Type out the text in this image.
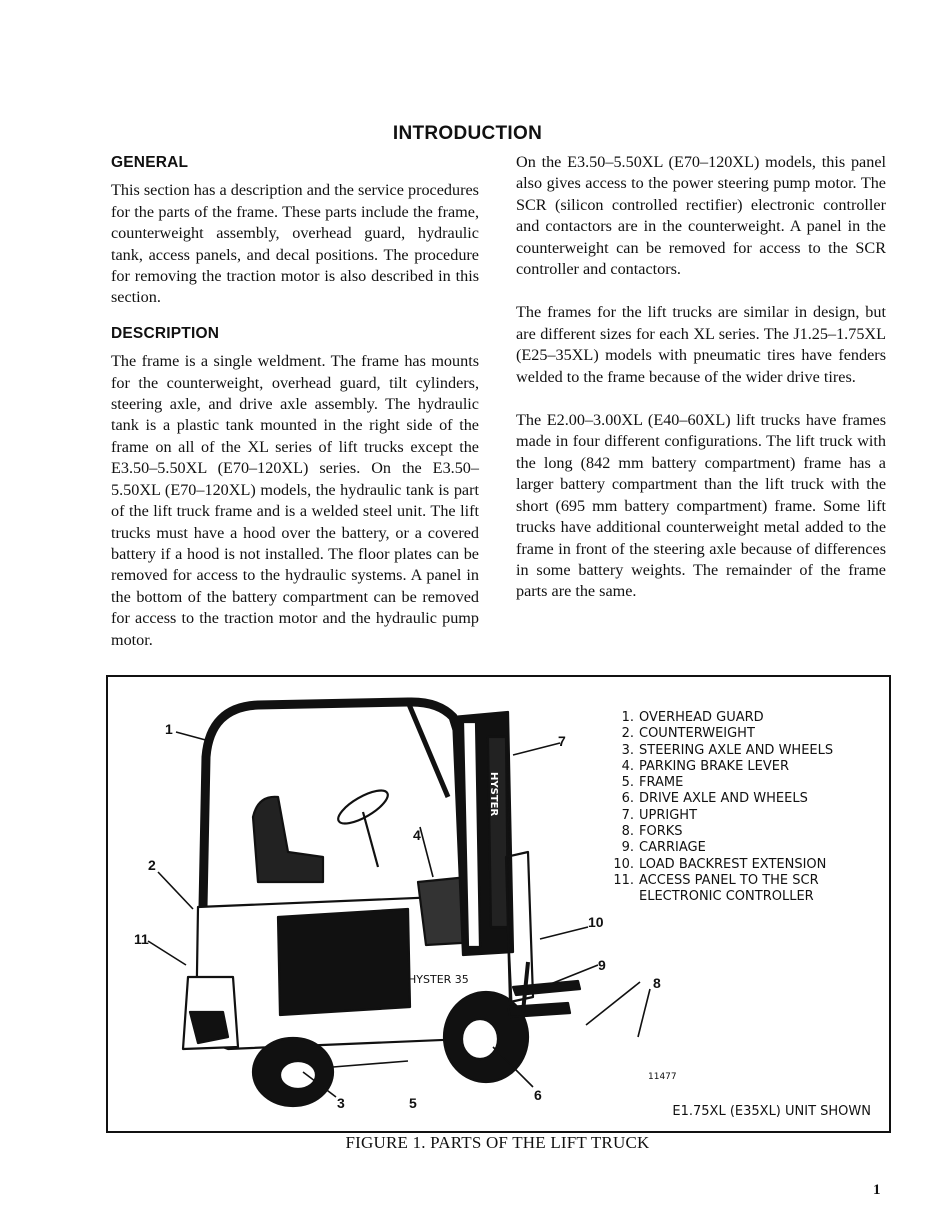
INTRODUCTION
GENERAL

This section has a description and the service procedures for the parts of the frame. These parts include the frame, counterweight assembly, overhead guard, hydraulic tank, access panels, and decal positions. The procedure for removing the traction motor is also described in this section.

DESCRIPTION

The frame is a single weldment. The frame has mounts for the counterweight, overhead guard, tilt cylinders, steering axle, and drive axle assembly. The hydraulic tank is a plastic tank mounted in the right side of the frame on all of the XL series of lift trucks except the E3.50–5.50XL (E70–120XL) series. On the E3.50–5.50XL (E70–120XL) models, the hydraulic tank is part of the lift truck frame and is a welded steel unit. The lift trucks must have a hood over the battery, or a covered battery if a hood is not installed. The floor plates can be removed for access to the hydraulic systems. A panel in the bottom of the battery compartment can be removed for access to the traction motor and the hydraulic pump motor.

On the E3.50–5.50XL (E70–120XL) models, this panel also gives access to the power steering pump motor. The SCR (silicon controlled rectifier) electronic controller and contactors are in the counterweight. A panel in the counterweight can be removed for access to the SCR controller and contactors.

The frames for the lift trucks are similar in design, but are different sizes for each XL series. The J1.25–1.75XL (E25–35XL) models with pneumatic tires have fenders welded to the frame because of the wider drive tires.

The E2.00–3.00XL (E40–60XL) lift trucks have frames made in four different configurations. The lift truck with the long (842 mm battery compartment) frame has a larger battery compartment than the lift truck with the short (695 mm battery compartment) frame. Some lift trucks have additional counterweight metal added to the frame in front of the steering axle because of differences in some battery weights. The remainder of the frame parts are the same.

HYSTER 35
HYSTER
1
2
3
4
5	6
7
8
9
10
11
1. OVERHEAD GUARD
2. COUNTERWEIGHT
3. STEERING AXLE AND WHEELS
4. PARKING BRAKE LEVER
5. FRAME
6. DRIVE AXLE AND WHEELS
7. UPRIGHT
8. FORKS
9. CARRIAGE
10. LOAD BACKREST EXTENSION
11. ACCESS PANEL TO THE SCR
ELECTRONIC CONTROLLER
11477
E1.75XL (E35XL) UNIT SHOWN
FIGURE 1. PARTS OF THE LIFT TRUCK
1
